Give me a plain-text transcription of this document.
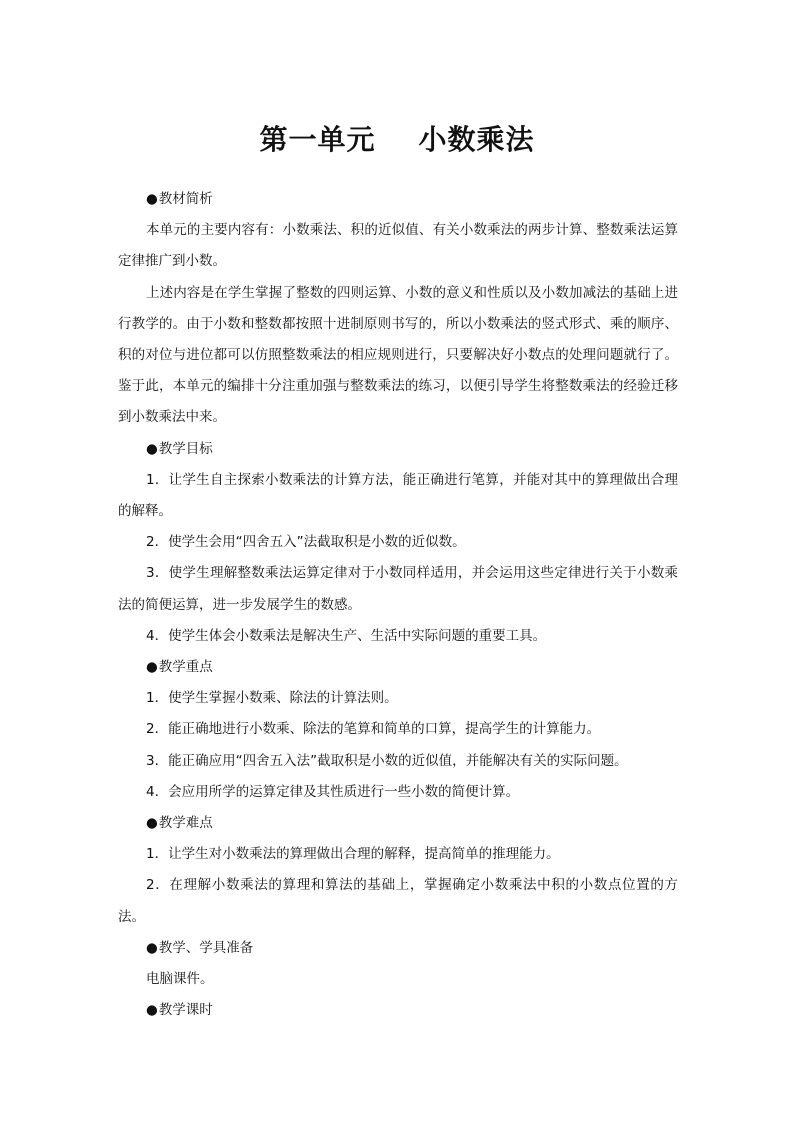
第一单元    小数乘法

●教材简析

本单元的主要内容有：小数乘法、积的近似值、有关小数乘法的两步计算、整数乘法运算定律推广到小数。

上述内容是在学生掌握了整数的四则运算、小数的意义和性质以及小数加减法的基础上进行教学的。由于小数和整数都按照十进制原则书写的，所以小数乘法的竖式形式、乘的顺序、积的对位与进位都可以仿照整数乘法的相应规则进行，只要解决好小数点的处理问题就行了。鉴于此，本单元的编排十分注重加强与整数乘法的练习，以便引导学生将整数乘法的经验迁移到小数乘法中来。

●教学目标

1．让学生自主探索小数乘法的计算方法，能正确进行笔算，并能对其中的算理做出合理的解释。

2．使学生会用“四舍五入”法截取积是小数的近似数。

3．使学生理解整数乘法运算定律对于小数同样适用，并会运用这些定律进行关于小数乘法的简便运算，进一步发展学生的数感。

4．使学生体会小数乘法是解决生产、生活中实际问题的重要工具。

●教学重点

1．使学生掌握小数乘、除法的计算法则。

2．能正确地进行小数乘、除法的笔算和简单的口算，提高学生的计算能力。

3．能正确应用“四舍五入法”截取积是小数的近似值，并能解决有关的实际问题。

4．会应用所学的运算定律及其性质进行一些小数的简便计算。

●教学难点

1．让学生对小数乘法的算理做出合理的解释，提高简单的推理能力。

2．在理解小数乘法的算理和算法的基础上，掌握确定小数乘法中积的小数点位置的方法。

●教学、学具准备

电脑课件。

●教学课时
